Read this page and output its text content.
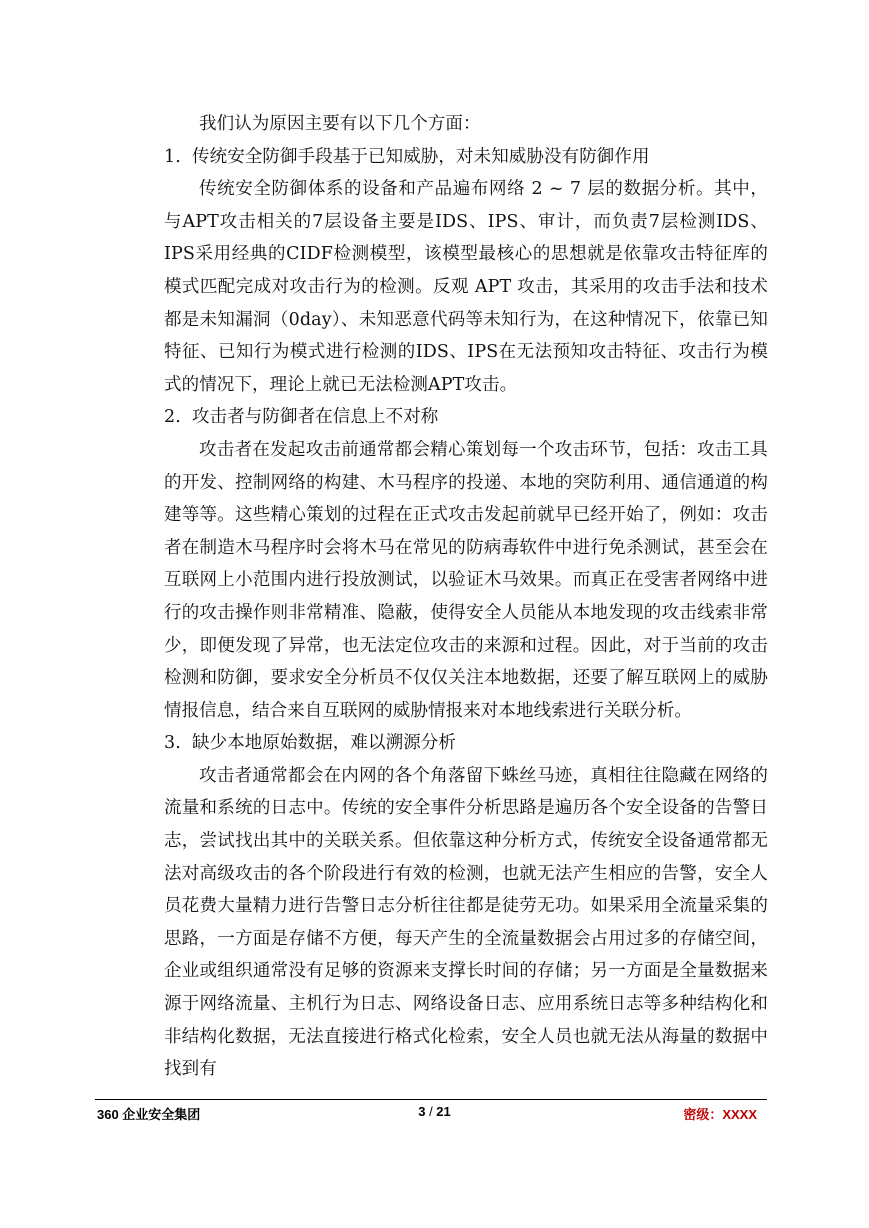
我们认为原因主要有以下几个方面：

1. 传统安全防御手段基于已知威胁，对未知威胁没有防御作用

传统安全防御体系的设备和产品遍布网络 2 ~ 7 层的数据分析。其中，与APT攻击相关的7层设备主要是IDS、IPS、审计，而负责7层检测IDS、IPS采用经典的CIDF检测模型，该模型最核心的思想就是依靠攻击特征库的模式匹配完成对攻击行为的检测。反观 APT 攻击，其采用的攻击手法和技术都是未知漏洞（0day）、未知恶意代码等未知行为，在这种情况下，依靠已知特征、已知行为模式进行检测的IDS、IPS在无法预知攻击特征、攻击行为模式的情况下，理论上就已无法检测APT攻击。

2. 攻击者与防御者在信息上不对称

攻击者在发起攻击前通常都会精心策划每一个攻击环节，包括：攻击工具的开发、控制网络的构建、木马程序的投递、本地的突防利用、通信通道的构建等等。这些精心策划的过程在正式攻击发起前就早已经开始了，例如：攻击者在制造木马程序时会将木马在常见的防病毒软件中进行免杀测试，甚至会在互联网上小范围内进行投放测试，以验证木马效果。而真正在受害者网络中进行的攻击操作则非常精准、隐蔽，使得安全人员能从本地发现的攻击线索非常少，即便发现了异常，也无法定位攻击的来源和过程。因此，对于当前的攻击检测和防御，要求安全分析员不仅仅关注本地数据，还要了解互联网上的威胁情报信息，结合来自互联网的威胁情报来对本地线索进行关联分析。

3. 缺少本地原始数据，难以溯源分析

攻击者通常都会在内网的各个角落留下蛛丝马迹，真相往往隐藏在网络的流量和系统的日志中。传统的安全事件分析思路是遍历各个安全设备的告警日志，尝试找出其中的关联关系。但依靠这种分析方式，传统安全设备通常都无法对高级攻击的各个阶段进行有效的检测，也就无法产生相应的告警，安全人员花费大量精力进行告警日志分析往往都是徒劳无功。如果采用全流量采集的思路，一方面是存储不方便，每天产生的全流量数据会占用过多的存储空间，企业或组织通常没有足够的资源来支撑长时间的存储；另一方面是全量数据来源于网络流量、主机行为日志、网络设备日志、应用系统日志等多种结构化和非结构化数据，无法直接进行格式化检索，安全人员也就无法从海量的数据中找到有

360 企业安全集团	3 / 21	密级：XXXX
